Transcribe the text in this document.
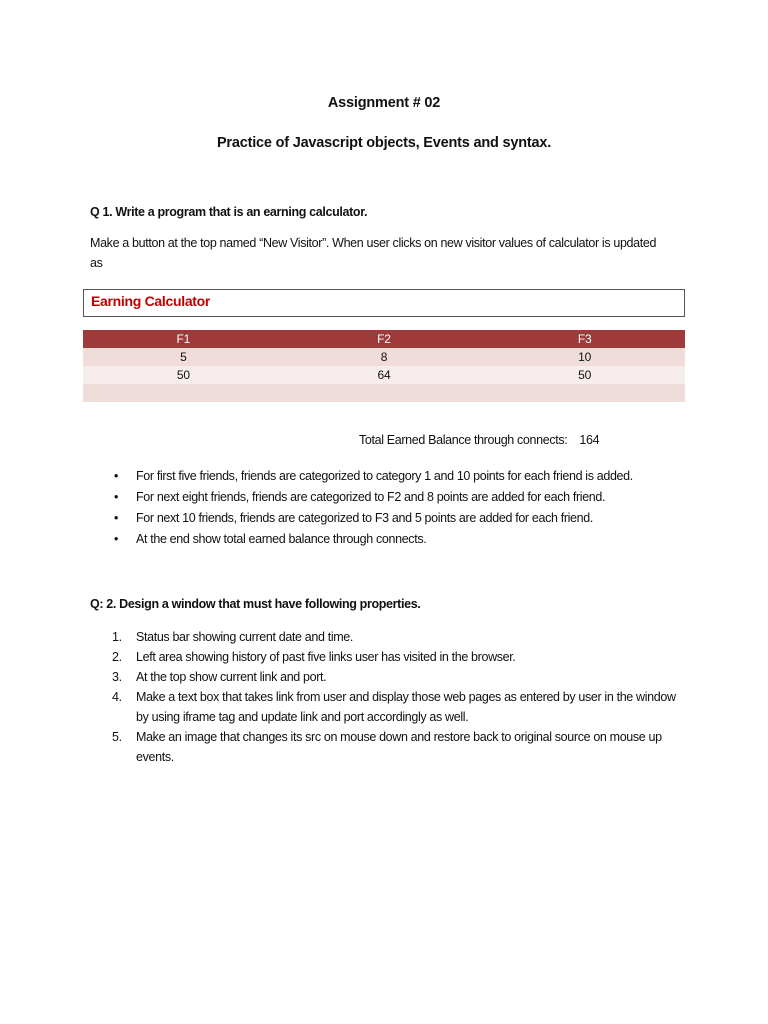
Assignment # 02
Practice of Javascript objects, Events and syntax.
Q 1. Write a program that is an earning calculator.
Make a button at the top named “New Visitor”. When user clicks on new visitor values of calculator is updated as
Earning Calculator
F1	F2	F3
5	8	10
50	64	50

Total Earned Balance through connects: 164
• For first five friends, friends are categorized to category 1 and 10 points for each friend is added.
• For next eight friends, friends are categorized to F2 and 8 points are added for each friend.
• For next 10 friends, friends are categorized to F3 and 5 points are added for each friend.
• At the end show total earned balance through connects.
Q: 2. Design a window that must have following properties.
1. Status bar showing current date and time.
2. Left area showing history of past five links user has visited in the browser.
3. At the top show current link and port.
4. Make a text box that takes link from user and display those web pages as entered by user in the window by using iframe tag and update link and port accordingly as well.
5. Make an image that changes its src on mouse down and restore back to original source on mouse up events.
